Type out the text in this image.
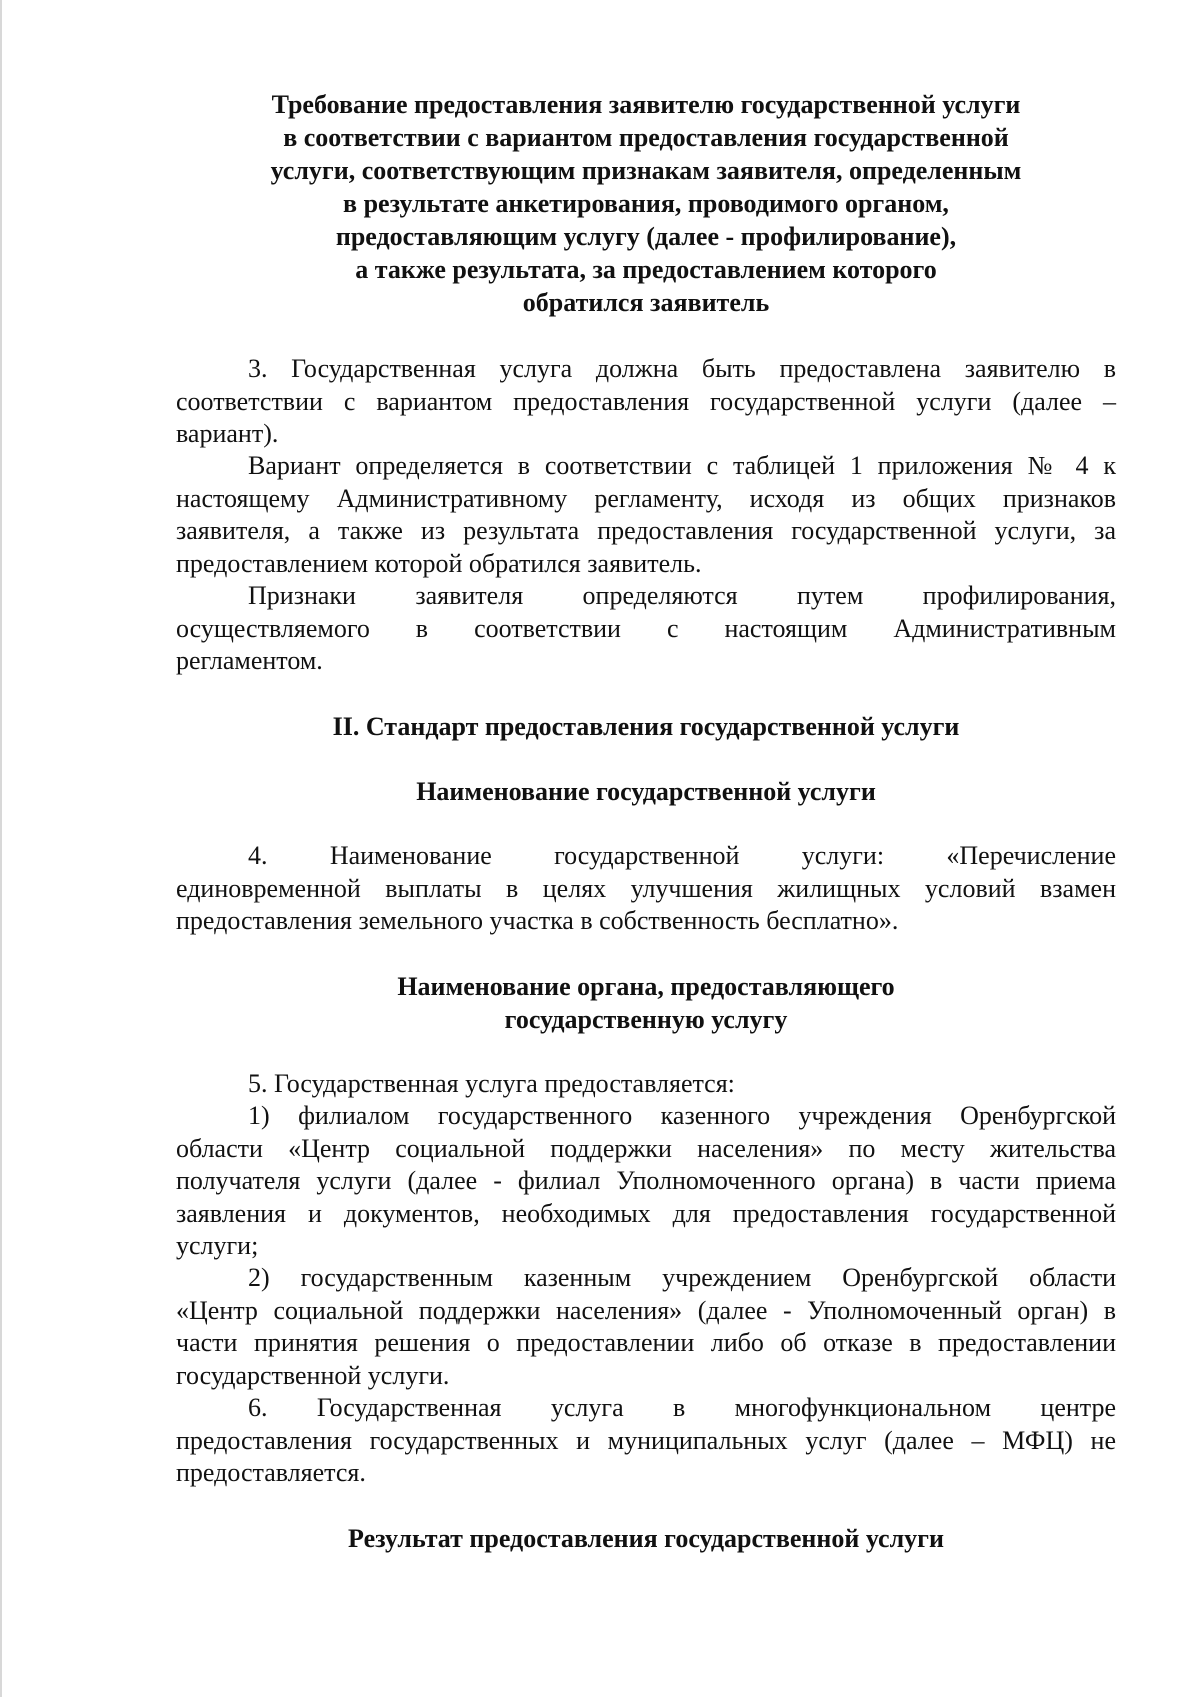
Требование предоставления заявителю государственной услуги
в соответствии с вариантом предоставления государственной
услуги, соответствующим признакам заявителя, определенным
в результате анкетирования, проводимого органом,
предоставляющим услугу (далее - профилирование),
а также результата, за предоставлением которого
обратился заявитель
3. Государственная услуга должна быть предоставлена заявителю в
соответствии с вариантом предоставления государственной услуги (далее –
вариант).
Вариант определяется в соответствии с таблицей 1 приложения № 4 к
настоящему Административному регламенту, исходя из общих признаков
заявителя, а также из результата предоставления государственной услуги, за
предоставлением которой обратился заявитель.
Признаки заявителя определяются путем профилирования,
осуществляемого в соответствии с настоящим Административным
регламентом.
II. Стандарт предоставления государственной услуги
Наименование государственной услуги
4. Наименование государственной услуги: «Перечисление
единовременной выплаты в целях улучшения жилищных условий взамен
предоставления земельного участка в собственность бесплатно».
Наименование органа, предоставляющего
государственную услугу
5. Государственная услуга предоставляется:
1) филиалом государственного казенного учреждения Оренбургской
области «Центр социальной поддержки населения» по месту жительства
получателя услуги (далее - филиал Уполномоченного органа) в части приема
заявления и документов, необходимых для предоставления государственной
услуги;
2) государственным казенным учреждением Оренбургской области
«Центр социальной поддержки населения» (далее - Уполномоченный орган) в
части принятия решения о предоставлении либо об отказе в предоставлении
государственной услуги.
6. Государственная услуга в многофункциональном центре
предоставления государственных и муниципальных услуг (далее – МФЦ) не
предоставляется.
Результат предоставления государственной услуги
